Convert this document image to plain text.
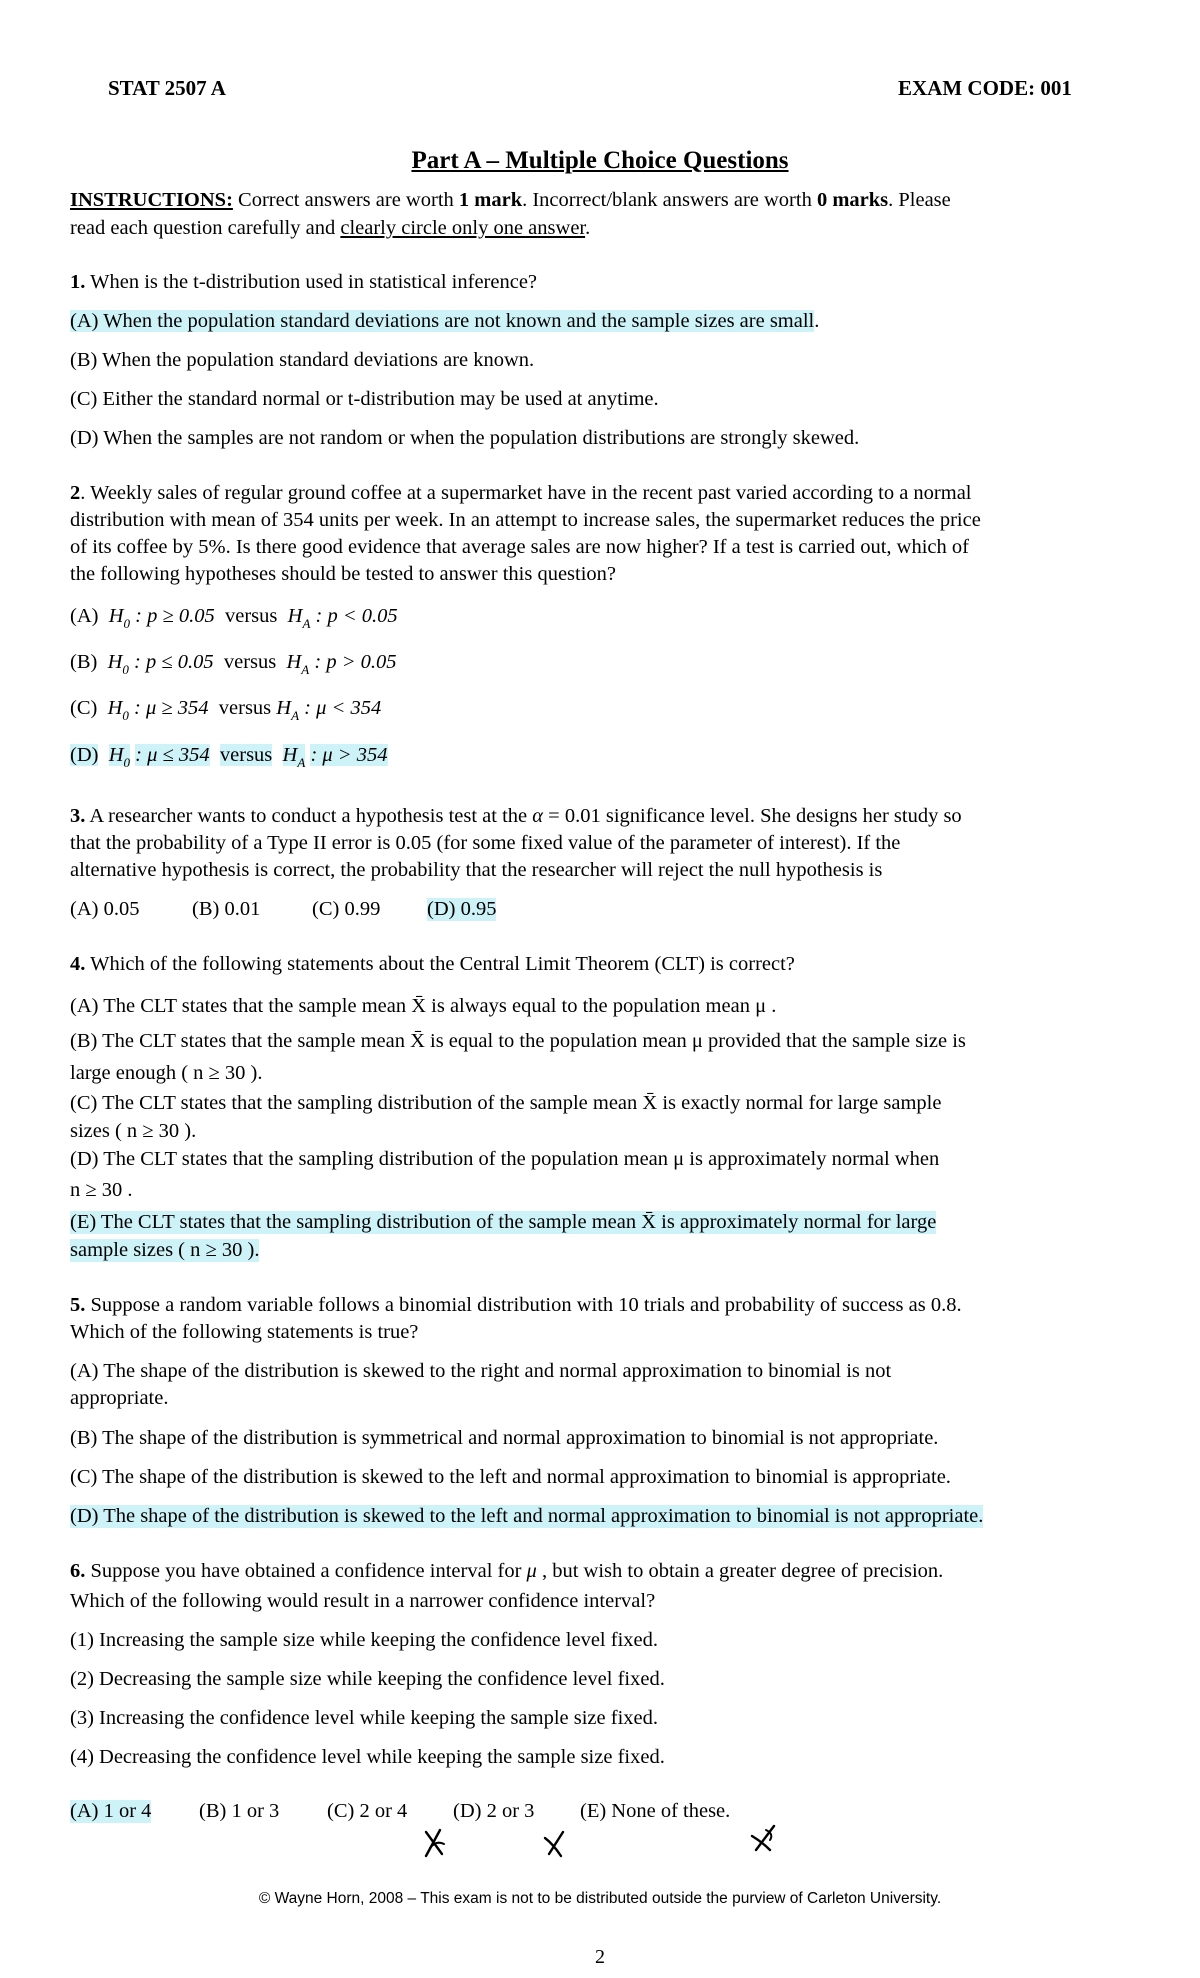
STAT 2507 A	EXAM CODE: 001
Part A – Multiple Choice Questions
INSTRUCTIONS: Correct answers are worth 1 mark. Incorrect/blank answers are worth 0 marks. Please
read each question carefully and clearly circle only one answer.
1. When is the t-distribution used in statistical inference?
(A) When the population standard deviations are not known and the sample sizes are small.
(B) When the population standard deviations are known.
(C) Either the standard normal or t-distribution may be used at anytime.
(D) When the samples are not random or when the population distributions are strongly skewed.
2. Weekly sales of regular ground coffee at a supermarket have in the recent past varied according to a normal
distribution with mean of 354 units per week. In an attempt to increase sales, the supermarket reduces the price
of its coffee by 5%. Is there good evidence that average sales are now higher? If a test is carried out, which of
the following hypotheses should be tested to answer this question?
(A) $H_0$ : p ≥ 0.05 versus $H_A$ : p < 0.05
(B) $H_0$ : p ≤ 0.05 versus $H_A$ : p > 0.05
(C) $H_0$ : μ ≥ 354 versus $H_A$ : μ < 354
(D) $H_0$ : μ ≤ 354 versus $H_A$ : μ > 354
3. A researcher wants to conduct a hypothesis test at the α = 0.01 significance level. She designs her study so
that the probability of a Type II error is 0.05 (for some fixed value of the parameter of interest). If the
alternative hypothesis is correct, the probability that the researcher will reject the null hypothesis is
(A) 0.05	(B) 0.01	(C) 0.99 (D) 0.95
4. Which of the following statements about the Central Limit Theorem (CLT) is correct?
(A) The CLT states that the sample mean X̄ is always equal to the population mean μ .
(B) The CLT states that the sample mean X̄ is equal to the population mean μ provided that the sample size is
large enough ( n ≥ 30 ).
(C) The CLT states that the sampling distribution of the sample mean X̄ is exactly normal for large sample
sizes ( n ≥ 30 ).
(D) The CLT states that the sampling distribution of the population mean μ is approximately normal when
n ≥ 30 .
(E) The CLT states that the sampling distribution of the sample mean X̄ is approximately normal for large
sample sizes ( n ≥ 30 ).
5. Suppose a random variable follows a binomial distribution with 10 trials and probability of success as 0.8.
Which of the following statements is true?
(A) The shape of the distribution is skewed to the right and normal approximation to binomial is not
appropriate.
(B) The shape of the distribution is symmetrical and normal approximation to binomial is not appropriate.
(C) The shape of the distribution is skewed to the left and normal approximation to binomial is appropriate.
(D) The shape of the distribution is skewed to the left and normal approximation to binomial is not appropriate.
6. Suppose you have obtained a confidence interval for μ , but wish to obtain a greater degree of precision.
Which of the following would result in a narrower confidence interval?
(1) Increasing the sample size while keeping the confidence level fixed.
(2) Decreasing the sample size while keeping the confidence level fixed.
(3) Increasing the confidence level while keeping the sample size fixed.
(4) Decreasing the confidence level while keeping the sample size fixed.
(A) 1 or 4 (B) 1 or 3 (C) 2 or 4 (D) 2 or 3 (E) None of these.
© Wayne Horn, 2008 – This exam is not to be distributed outside the purview of Carleton University.
2
